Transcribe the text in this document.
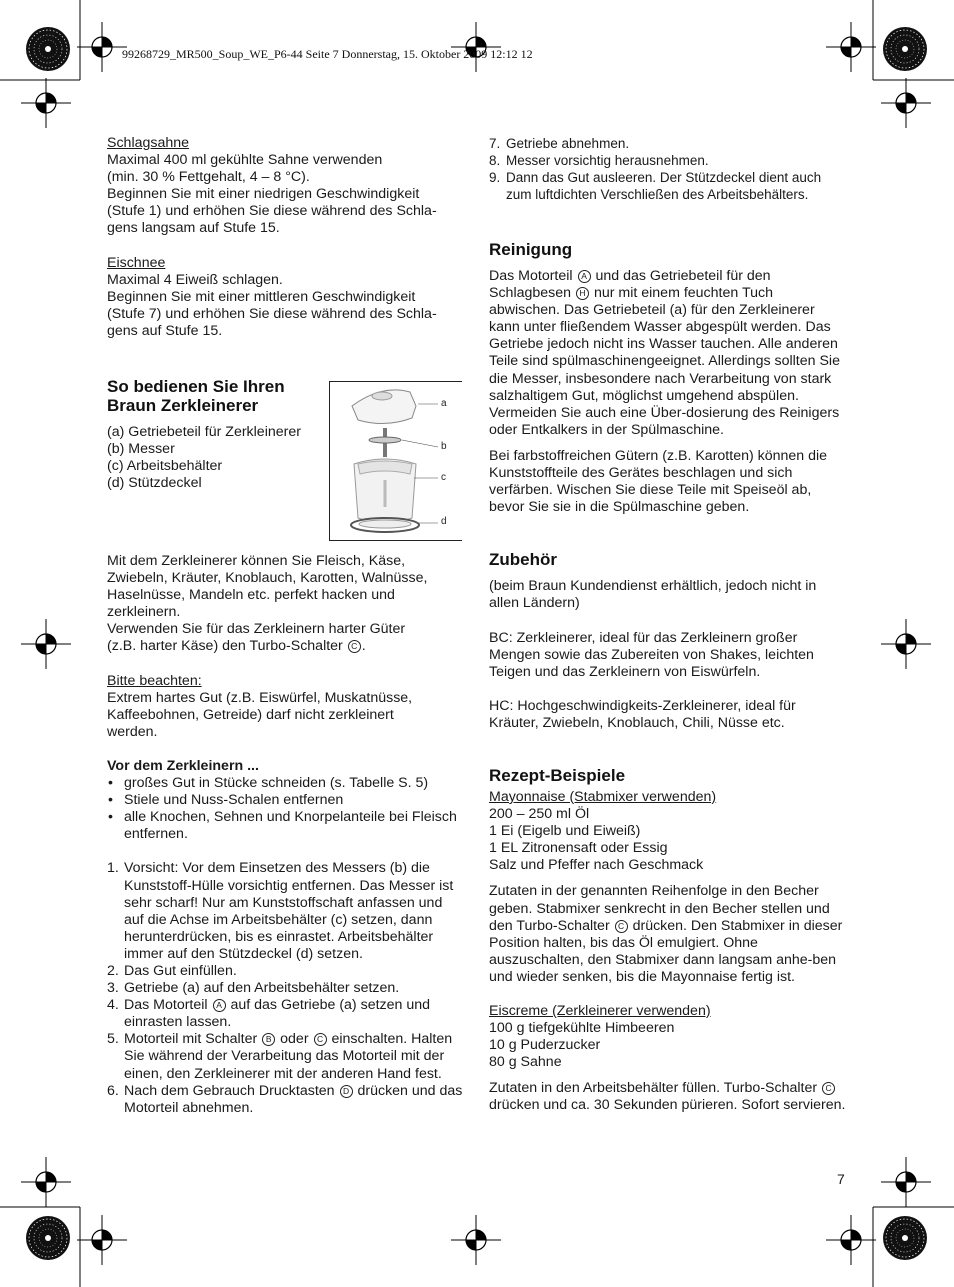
99268729_MR500_Soup_WE_P6-44 Seite 7 Donnerstag, 15. Oktober 2009 12:12 12

Schlagsahne

Maximal 400 ml gekühlte Sahne verwenden

(min. 30 % Fettgehalt, 4 – 8 °C).

Beginnen Sie mit einer niedrigen Geschwindigkeit

(Stufe 1) und erhöhen Sie diese während des Schla-

gens langsam auf Stufe 15.

Eischnee

Maximal 4 Eiweiß schlagen.

Beginnen Sie mit einer mittleren Geschwindigkeit

(Stufe 7) und erhöhen Sie diese während des Schla-

gens auf Stufe 15.

So bedienen Sie Ihren
Braun Zerkleinerer

(a) Getriebeteil für Zerkleinerer

(b) Messer

(c) Arbeitsbehälter

(d) Stützdeckel

a
b
c
d

Mit dem Zerkleinerer können Sie Fleisch, Käse,

Zwiebeln, Kräuter, Knoblauch, Karotten, Walnüsse,

Haselnüsse, Mandeln etc. perfekt hacken und

zerkleinern.

Verwenden Sie für das Zerkleinern harter Güter

(z.B. harter Käse) den Turbo-Schalter C .

Bitte beachten:

Extrem hartes Gut (z.B. Eiswürfel, Muskatnüsse,

Kaffeebohnen, Getreide) darf nicht zerkleinert

werden.

Vor dem Zerkleinern ...

• großes Gut in Stücke schneiden (s. Tabelle S. 5)
• Stiele und Nuss-Schalen entfernen
• alle Knochen, Sehnen und Knorpelanteile bei Fleisch entfernen.
1. Vorsicht: Vor dem Einsetzen des Messers (b) die Kunststoff-Hülle vorsichtig entfernen. Das Messer ist sehr scharf! Nur am Kunststoffschaft anfassen und auf die Achse im Arbeitsbehälter (c) setzen, dann herunterdrücken, bis es einrastet. Arbeitsbehälter immer auf den Stützdeckel (d) setzen.
2. Das Gut einfüllen.
3. Getriebe (a) auf den Arbeitsbehälter setzen.
4. Das Motorteil A auf das Getriebe (a) setzen und einrasten lassen.
5. Motorteil mit Schalter B oder C einschalten. Halten Sie während der Verarbeitung das Motorteil mit der einen, den Zerkleinerer mit der anderen Hand fest.
6. Nach dem Gebrauch Drucktasten D drücken und das Motorteil abnehmen.
7. Getriebe abnehmen.
8. Messer vorsichtig herausnehmen.
9. Dann das Gut ausleeren. Der Stützdeckel dient auch zum luftdichten Verschließen des Arbeitsbehälters.
Reinigung

Das Motorteil A und das Getriebeteil für den Schlagbesen H nur mit einem feuchten Tuch abwischen. Das Getriebeteil (a) für den Zerkleinerer kann unter fließendem Wasser abgespült werden. Das Getriebe jedoch nicht ins Wasser tauchen. Alle anderen Teile sind spülmaschinengeeignet. Allerdings sollten Sie die Messer, insbesondere nach Verarbeitung von stark salzhaltigem Gut, möglichst umgehend abspülen. Vermeiden Sie auch eine Über-dosierung des Reinigers oder Entkalkers in der Spülmaschine.

Bei farbstoffreichen Gütern (z.B. Karotten) können die Kunststoffteile des Gerätes beschlagen und sich verfärben. Wischen Sie diese Teile mit Speiseöl ab, bevor Sie sie in die Spülmaschine geben.

Zubehör

(beim Braun Kundendienst erhältlich, jedoch nicht in allen Ländern)

BC: Zerkleinerer, ideal für das Zerkleinern großer Mengen sowie das Zubereiten von Shakes, leichten Teigen und das Zerkleinern von Eiswürfeln.

HC: Hochgeschwindigkeits-Zerkleinerer, ideal für Kräuter, Zwiebeln, Knoblauch, Chili, Nüsse etc.

Rezept-Beispiele

Mayonnaise (Stabmixer verwenden)

200 – 250 ml Öl

1 Ei (Eigelb und Eiweiß)

1 EL Zitronensaft oder Essig

Salz und Pfeffer nach Geschmack

Zutaten in der genannten Reihenfolge in den Becher geben. Stabmixer senkrecht in den Becher stellen und den Turbo-Schalter C drücken. Den Stabmixer in dieser Position halten, bis das Öl emulgiert. Ohne auszuschalten, den Stabmixer dann langsam anhe-ben und wieder senken, bis die Mayonnaise fertig ist.

Eiscreme (Zerkleinerer verwenden)

100 g tiefgekühlte Himbeeren

10 g Puderzucker

80 g Sahne

Zutaten in den Arbeitsbehälter füllen. Turbo-Schalter C drücken und ca. 30 Sekunden pürieren. Sofort servieren.

7
